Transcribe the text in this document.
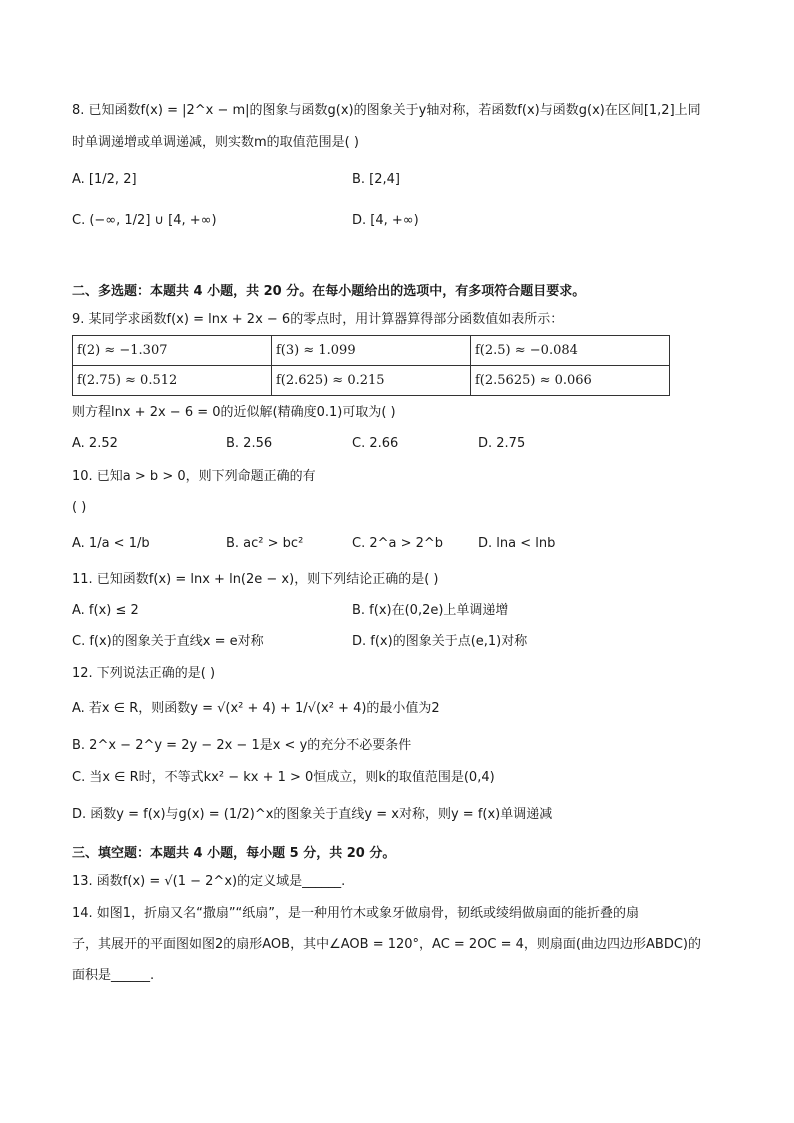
8. 已知函数f(x) = |2^x − m|的图象与函数g(x)的图象关于y轴对称，若函数f(x)与函数g(x)在区间[1,2]上同
时单调递增或单调递减，则实数m的取值范围是( )
A. [1/2, 2]	B. [2,4]
C. (−∞, 1/2] ∪ [4, +∞)	D. [4, +∞)
二、多选题：本题共 4 小题，共 20 分。在每小题给出的选项中，有多项符合题目要求。
9. 某同学求函数f(x) = lnx + 2x − 6的零点时，用计算器算得部分函数值如表所示：
f(2) ≈ −1.307	f(3) ≈ 1.099	f(2.5) ≈ −0.084
f(2.75) ≈ 0.512	f(2.625) ≈ 0.215	f(2.5625) ≈ 0.066
则方程lnx + 2x − 6 = 0的近似解(精确度0.1)可取为( )
A. 2.52	B. 2.56	C. 2.66	D. 2.75
10. 已知a > b > 0，则下列命题正确的有
( )
A. 1/a < 1/b	B. ac² > bc²	C. 2^a > 2^b	D. lna < lnb
11. 已知函数f(x) = lnx + ln(2e − x)，则下列结论正确的是( )
A. f(x) ≤ 2	B. f(x)在(0,2e)上单调递增
C. f(x)的图象关于直线x = e对称	D. f(x)的图象关于点(e,1)对称
12. 下列说法正确的是( )
A. 若x ∈ R，则函数y = √(x² + 4) + 1/√(x² + 4)的最小值为2
B. 2^x − 2^y = 2y − 2x − 1是x < y的充分不必要条件
C. 当x ∈ R时，不等式kx² − kx + 1 > 0恒成立，则k的取值范围是(0,4)
D. 函数y = f(x)与g(x) = (1/2)^x的图象关于直线y = x对称，则y = f(x)单调递减
三、填空题：本题共 4 小题，每小题 5 分，共 20 分。
13. 函数f(x) = √(1 − 2^x)的定义域是______.
14. 如图1，折扇又名“撒扇”“纸扇”，是一种用竹木或象牙做扇骨，韧纸或绫绢做扇面的能折叠的扇
子，其展开的平面图如图2的扇形AOB，其中∠AOB = 120°，AC = 2OC = 4，则扇面(曲边四边形ABDC)的
面积是______.
